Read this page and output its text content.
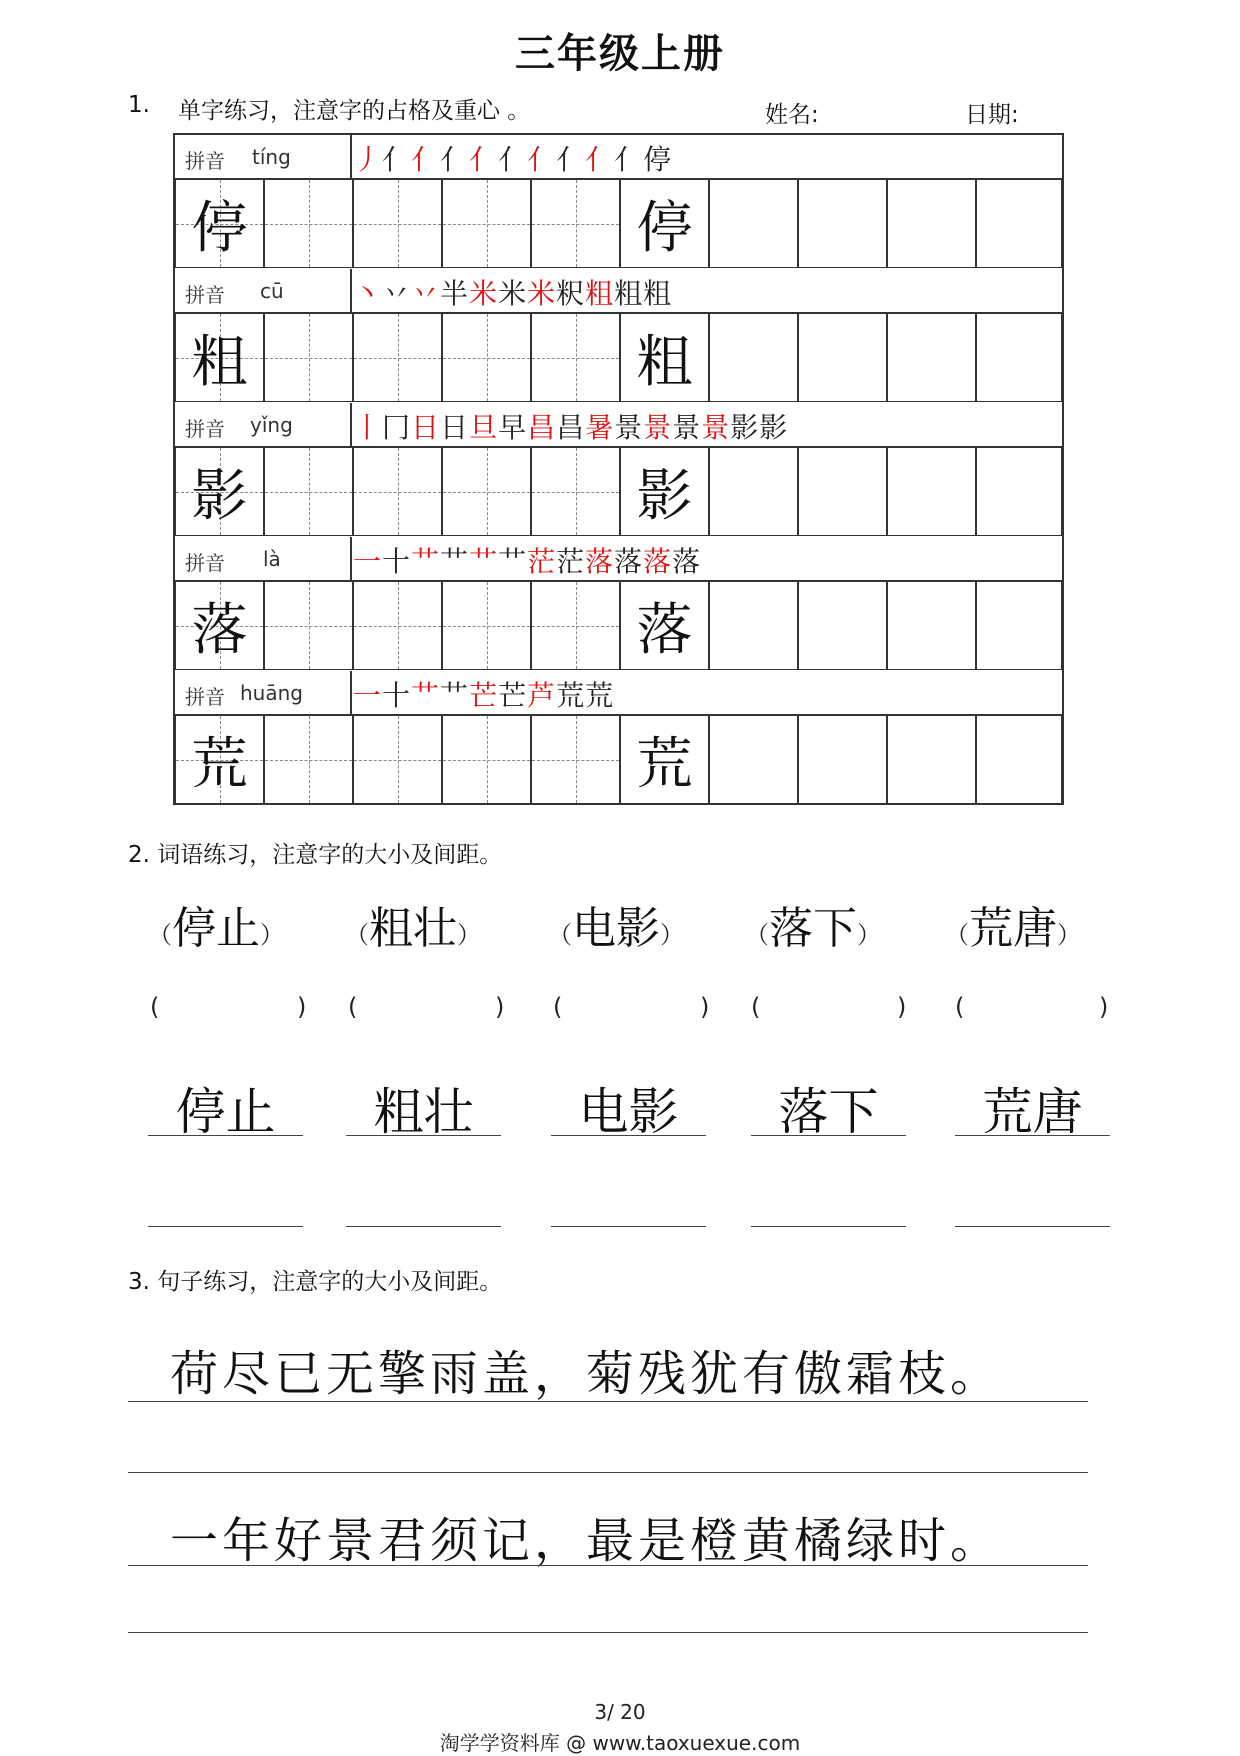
三年级上册
1. 单字练习，注意字的占格及重心 。	姓名:	日期:
拼音 tíng 丿亻亻亻亻亻亻亻亻亻停
停	停
拼音 cū 丶丷丷半米米米粎粗粗粗
粗	粗
拼音 yǐng 丨冂日日旦早昌昌暑景景景景影影
影	影
拼音 là	一十艹艹艹艹茫茫落落落落
落	落
拼音 huāng 一十艹艹芒芒芦荒荒
荒	荒
2. 词语练习，注意字的大小及间距。
（停止）	（粗壮）	（电影）	（落下）	（荒唐）
(	) (	) (	) (	) (	)
停止	粗壮	电影	落下	荒唐
3. 句子练习，注意字的大小及间距。
荷尽已无擎雨盖，菊残犹有傲霜枝。
一年好景君须记，最是橙黄橘绿时。
3/ 20
淘学学资料库 @ www.taoxuexue.com
